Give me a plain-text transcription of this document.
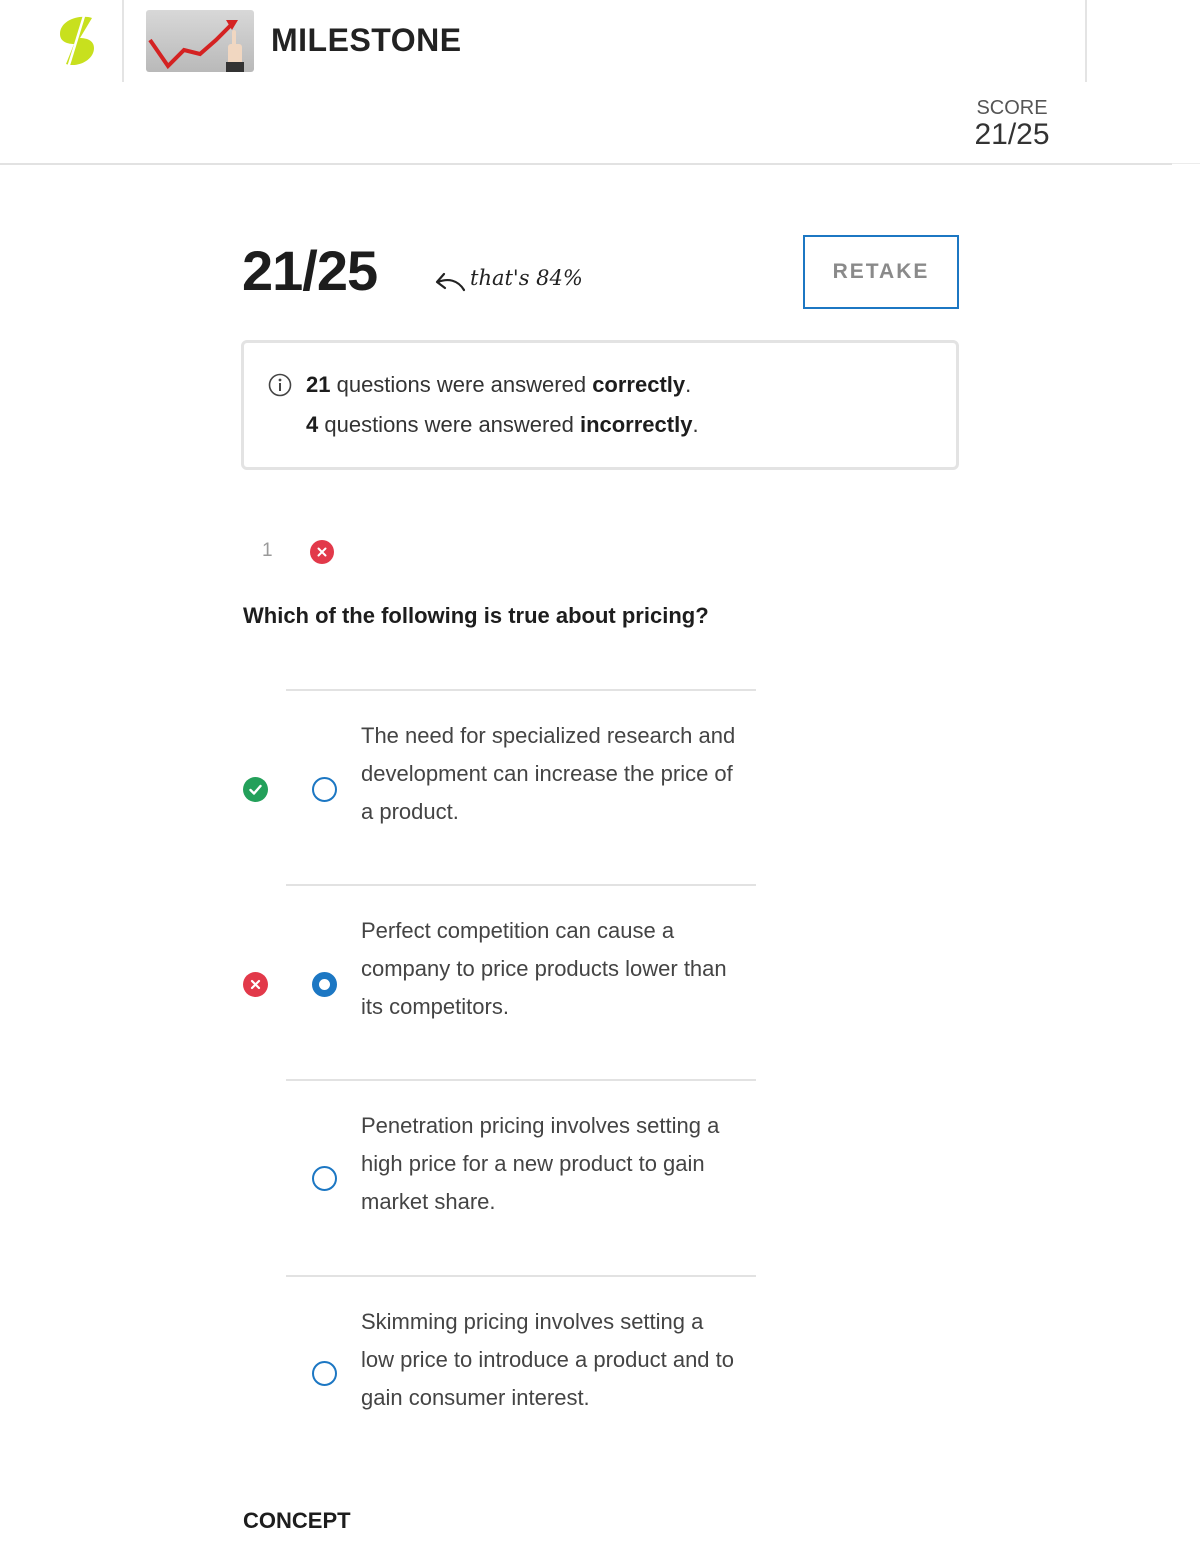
MILESTONE
SCORE
21/25
21/25	that's 84%	RETAKE
21 questions were answered correctly.
4 questions were answered incorrectly.
1
Which of the following is true about pricing?
The need for specialized research and development can increase the price of a product.
Perfect competition can cause a company to price products lower than its competitors.
Penetration pricing involves setting a high price for a new product to gain market share.
Skimming pricing involves setting a low price to introduce a product and to gain consumer interest.
CONCEPT
